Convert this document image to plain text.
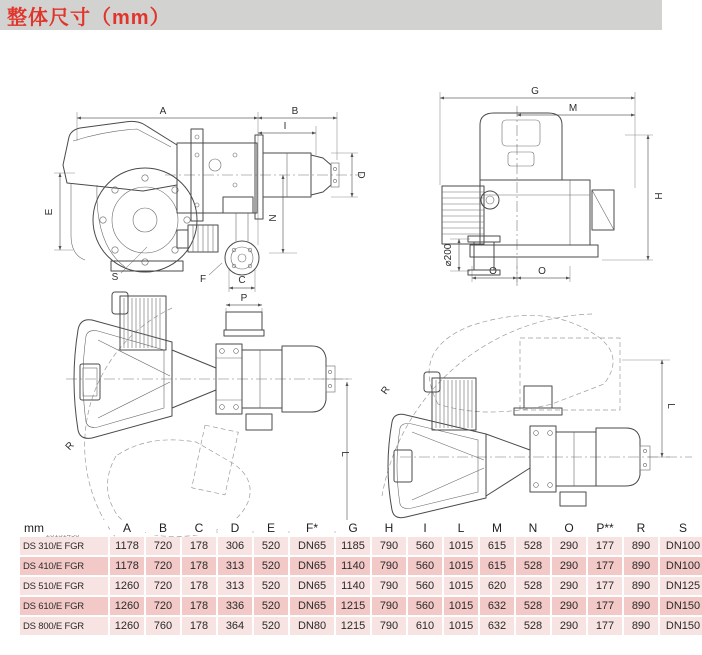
整体尺寸（mm）
A	B
I
D
E
N
S	F	C
G
M
H
O	O
⌀200
P
R
L
R
L
mm	A	B	C	D	E	F*	G	H	I	L	M	N	O	P**	R	S
DS 310/E FGR	1178	720	178	306	520	DN65	1185	790	560	1015	615	528	290	177	890	DN100
DS 410/E FGR	1178	720	178	313	520	DN65	1140	790	560	1015	615	528	290	177	890	DN100
DS 510/E FGR	1260	720	178	313	520	DN65	1140	790	560	1015	620	528	290	177	890	DN125
DS 610/E FGR	1260	720	178	336	520	DN65	1215	790	560	1015	632	528	290	177	890	DN150
DS 800/E FGR	1260	760	178	364	520	DN80	1215	790	610	1015	632	528	290	177	890	DN150
